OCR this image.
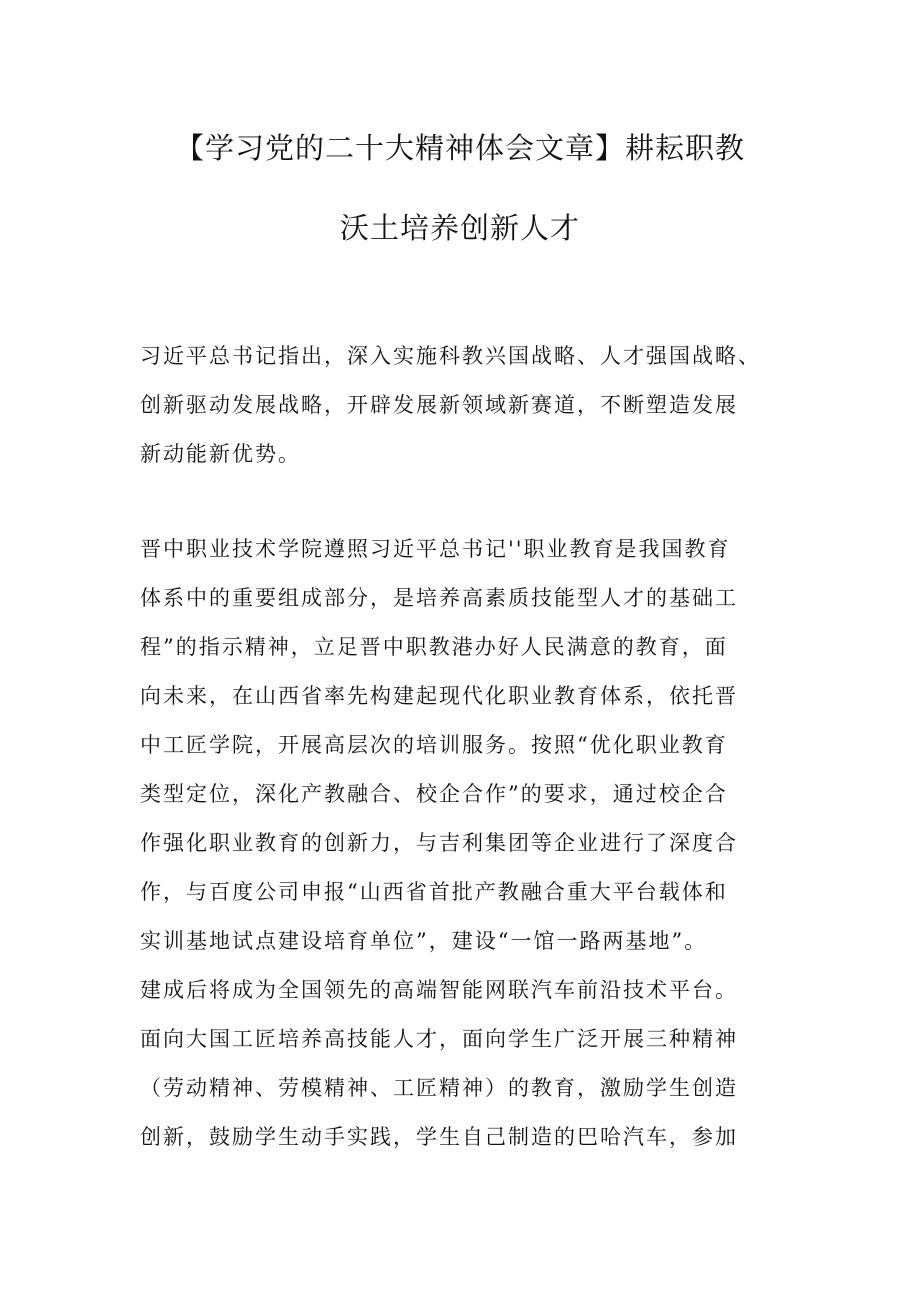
【学习党的二十大精神体会文章】耕耘职教
沃土培养创新人才

习近平总书记指出，深入实施科教兴国战略、人才强国战略、
创新驱动发展战略，开辟发展新领域新赛道，不断塑造发展
新动能新优势。

晋中职业技术学院遵照习近平总书记''职业教育是我国教育
体系中的重要组成部分，是培养高素质技能型人才的基础工
程”的指示精神，立足晋中职教港办好人民满意的教育，面
向未来，在山西省率先构建起现代化职业教育体系，依托晋
中工匠学院，开展高层次的培训服务。按照“优化职业教育
类型定位，深化产教融合、校企合作”的要求，通过校企合
作强化职业教育的创新力，与吉利集团等企业进行了深度合
作，与百度公司申报“山西省首批产教融合重大平台载体和
实训基地试点建设培育单位”，建设“一馆一路两基地”。
建成后将成为全国领先的高端智能网联汽车前沿技术平台。
面向大国工匠培养高技能人才，面向学生广泛开展三种精神
（劳动精神、劳模精神、工匠精神）的教育，激励学生创造
创新，鼓励学生动手实践，学生自己制造的巴哈汽车，参加
